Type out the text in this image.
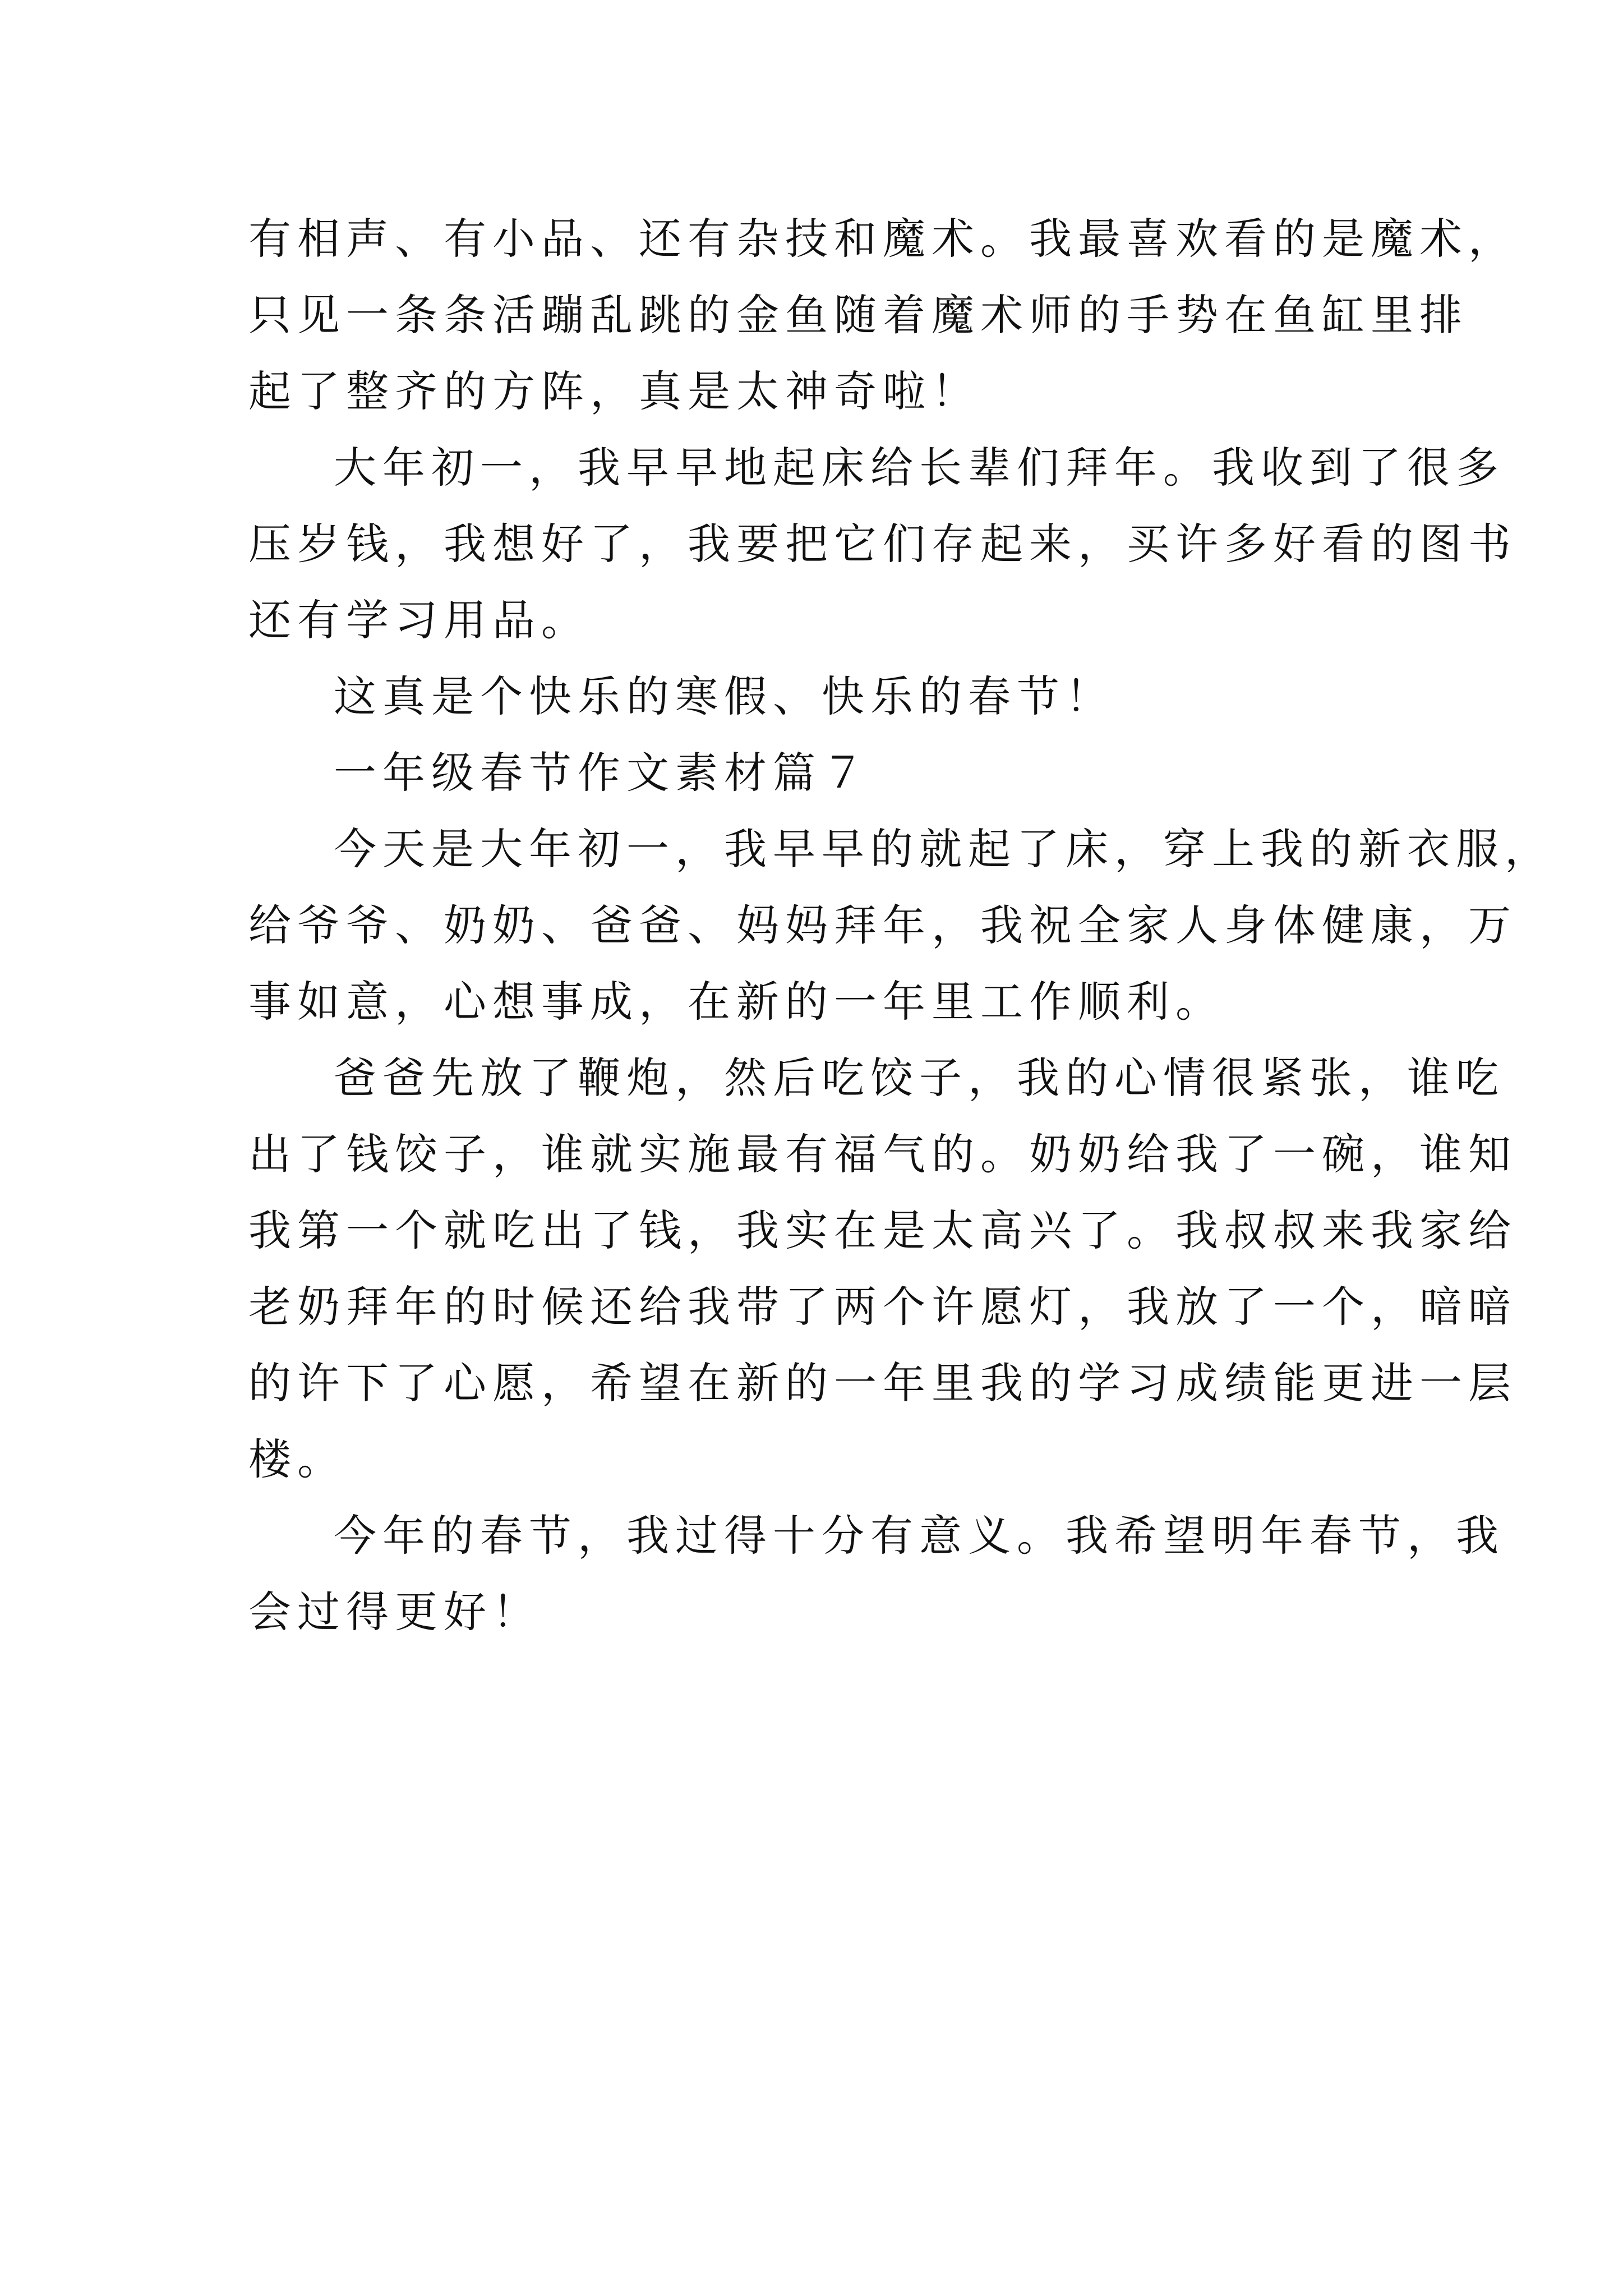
有相声、有小品、还有杂技和魔术。我最喜欢看的是魔术，
只见一条条活蹦乱跳的金鱼随着魔术师的手势在鱼缸里排
起了整齐的方阵，真是太神奇啦！

大年初一，我早早地起床给长辈们拜年。我收到了很多
压岁钱，我想好了，我要把它们存起来，买许多好看的图书
还有学习用品。

这真是个快乐的寒假、快乐的春节！

一年级春节作文素材篇７

今天是大年初一，我早早的就起了床，穿上我的新衣服，
给爷爷、奶奶、爸爸、妈妈拜年，我祝全家人身体健康，万
事如意，心想事成，在新的一年里工作顺利。

爸爸先放了鞭炮，然后吃饺子，我的心情很紧张，谁吃
出了钱饺子，谁就实施最有福气的。奶奶给我了一碗，谁知
我第一个就吃出了钱，我实在是太高兴了。我叔叔来我家给
老奶拜年的时候还给我带了两个许愿灯，我放了一个，暗暗
的许下了心愿，希望在新的一年里我的学习成绩能更进一层
楼。

今年的春节，我过得十分有意义。我希望明年春节，我
会过得更好！
